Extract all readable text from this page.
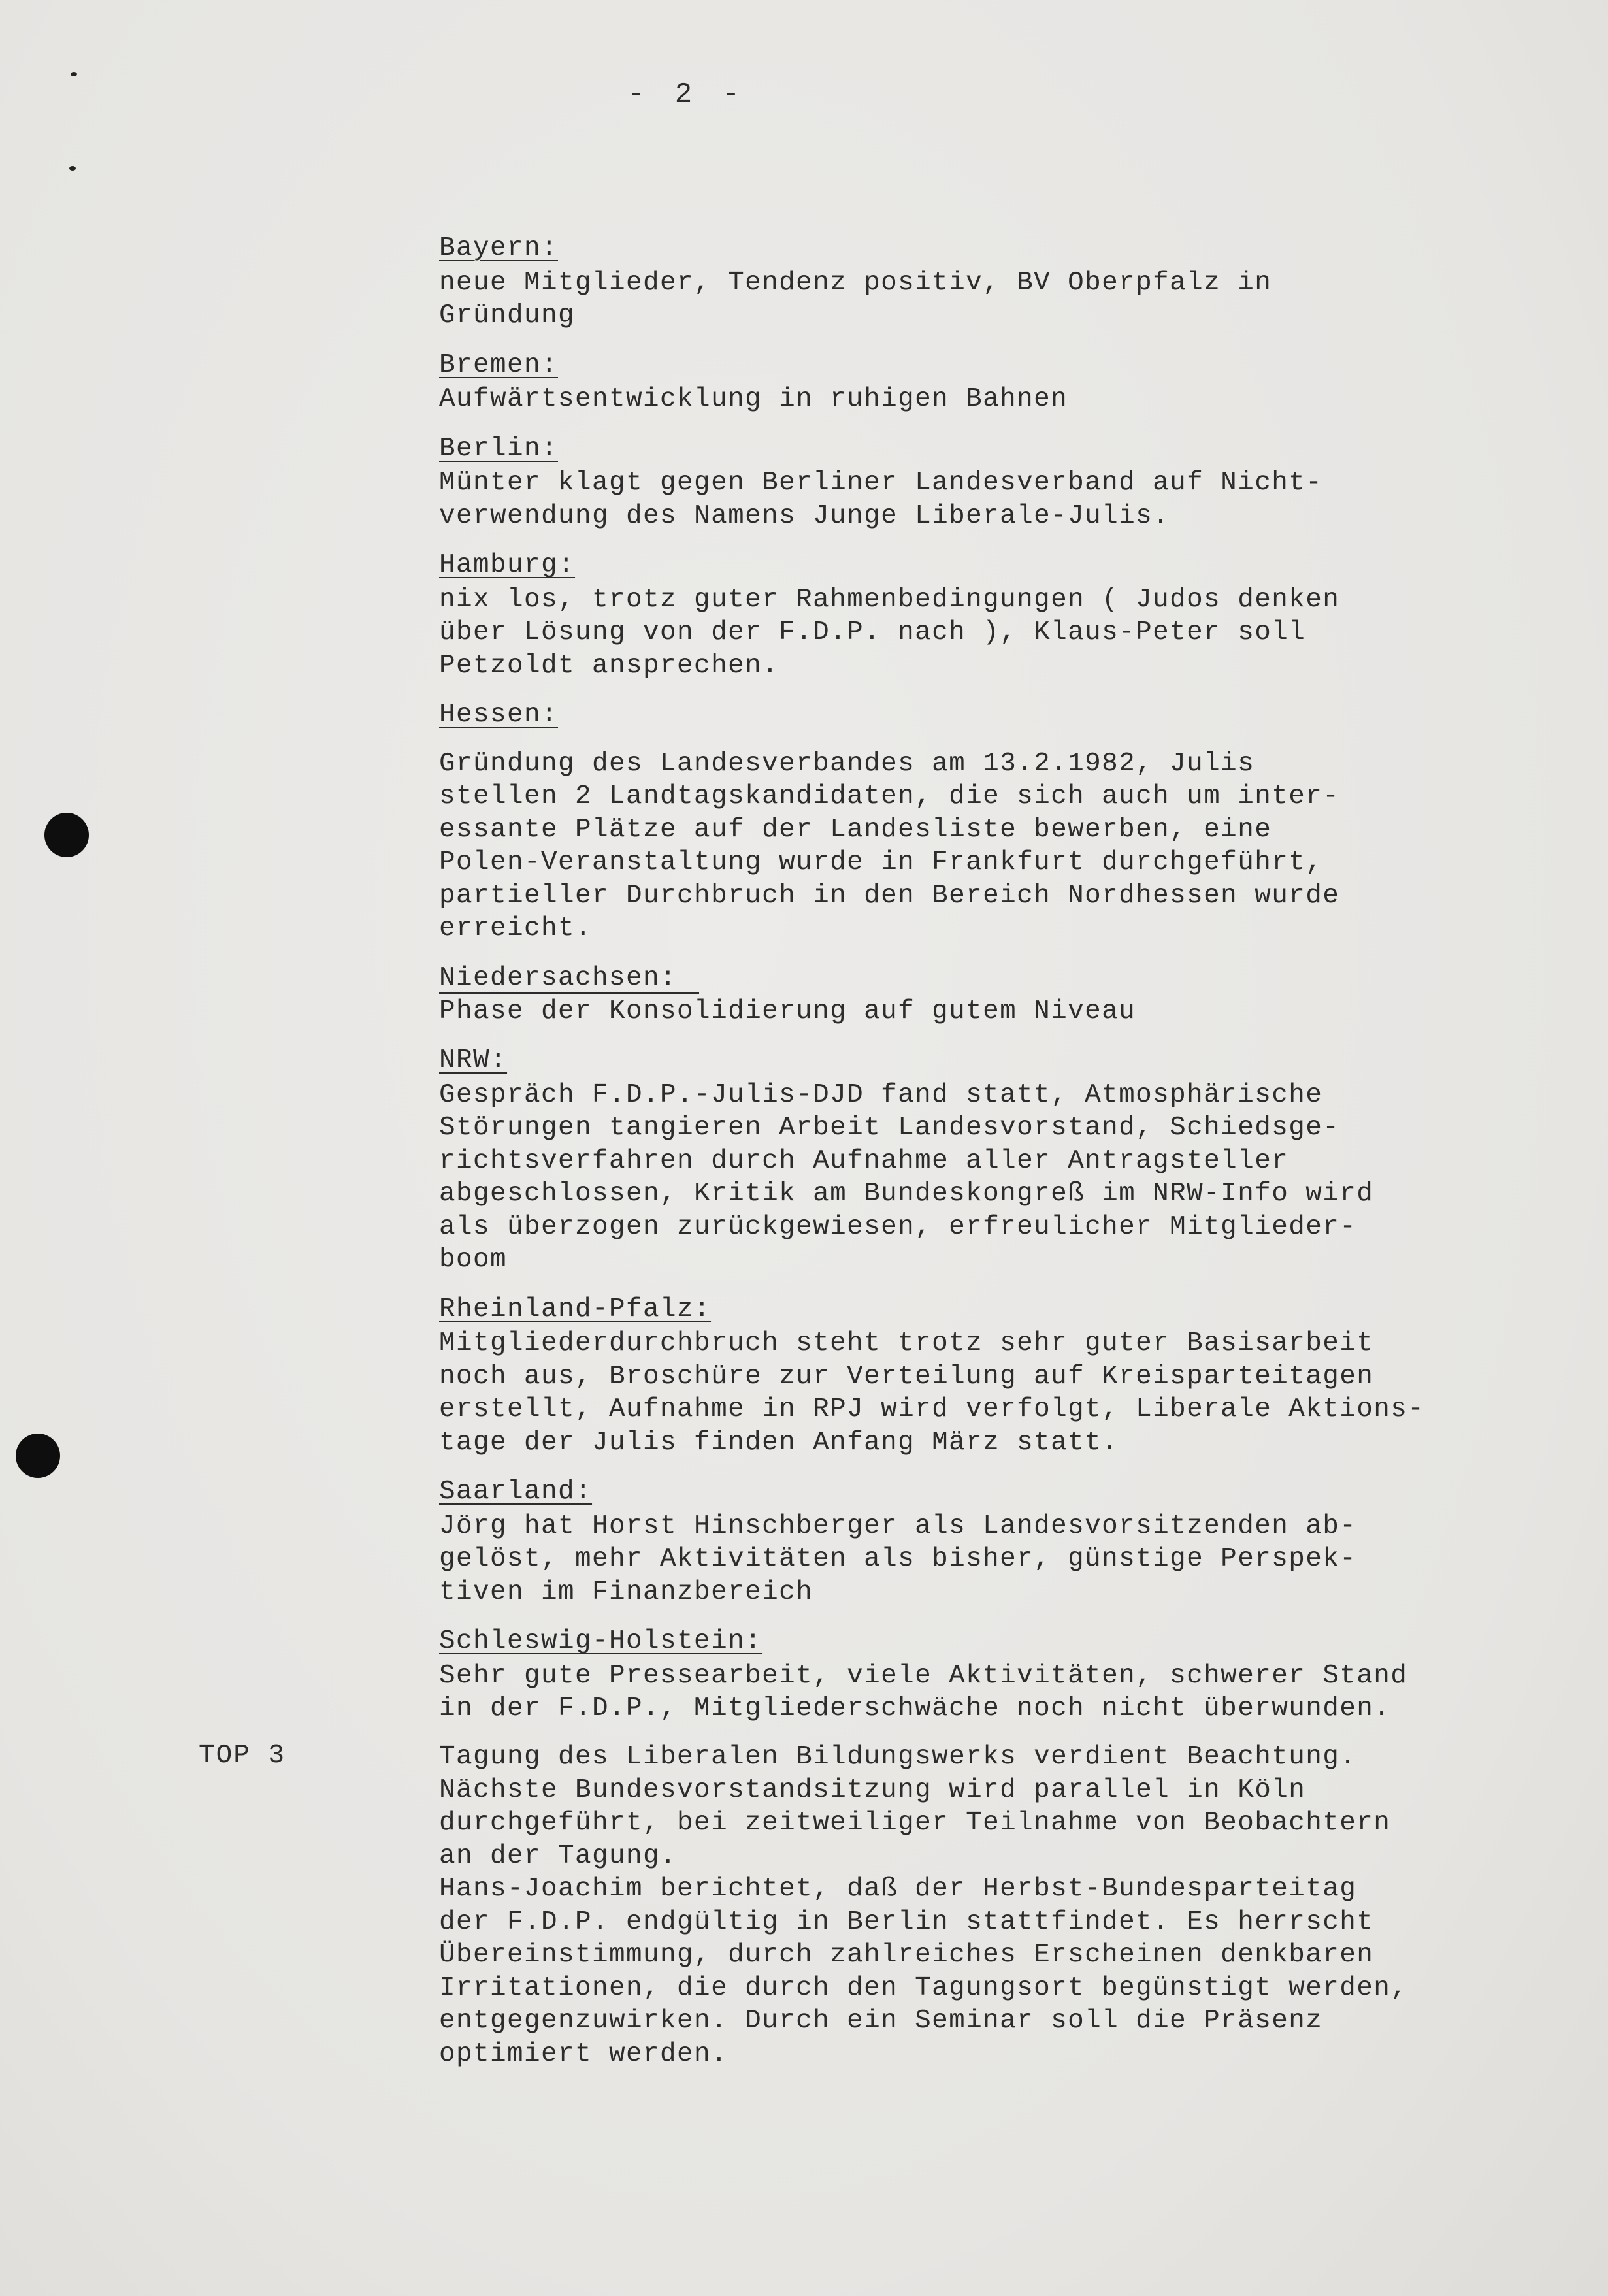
- 2 -
Bayern:
neue Mitglieder, Tendenz positiv, BV Oberpfalz in
Gründung
Bremen:
Aufwärtsentwicklung in ruhigen Bahnen
Berlin:
Münter klagt gegen Berliner Landesverband auf Nicht-
verwendung des Namens Junge Liberale-Julis.
Hamburg:
nix los, trotz guter Rahmenbedingungen ( Judos denken
über Lösung von der F.D.P. nach ), Klaus-Peter soll
Petzoldt ansprechen.
Hessen:
Gründung des Landesverbandes am 13.2.1982, Julis
stellen 2 Landtagskandidaten, die sich auch um inter-
essante Plätze auf der Landesliste bewerben, eine
Polen-Veranstaltung wurde in Frankfurt durchgeführt,
partieller Durchbruch in den Bereich Nordhessen wurde
erreicht.
Niedersachsen:
Phase der Konsolidierung auf gutem Niveau
NRW:
Gespräch F.D.P.-Julis-DJD fand statt, Atmosphärische
Störungen tangieren Arbeit Landesvorstand, Schiedsge-
richtsverfahren durch Aufnahme aller Antragsteller
abgeschlossen, Kritik am Bundeskongreß im NRW-Info wird
als überzogen zurückgewiesen, erfreulicher Mitglieder-
boom
Rheinland-Pfalz:
Mitgliederdurchbruch steht trotz sehr guter Basisarbeit
noch aus, Broschüre zur Verteilung auf Kreisparteitagen
erstellt, Aufnahme in RPJ wird verfolgt, Liberale Aktions-
tage der Julis finden Anfang März statt.
Saarland:
Jörg hat Horst Hinschberger als Landesvorsitzenden ab-
gelöst, mehr Aktivitäten als bisher, günstige Perspek-
tiven im Finanzbereich
Schleswig-Holstein:
Sehr gute Pressearbeit, viele Aktivitäten, schwerer Stand
in der F.D.P., Mitgliederschwäche noch nicht überwunden.
TOP 3	Tagung des Liberalen Bildungswerks verdient Beachtung.
Nächste Bundesvorstandsitzung wird parallel in Köln
durchgeführt, bei zeitweiliger Teilnahme von Beobachtern
an der Tagung.
Hans-Joachim berichtet, daß der Herbst-Bundesparteitag
der F.D.P. endgültig in Berlin stattfindet. Es herrscht
Übereinstimmung, durch zahlreiches Erscheinen denkbaren
Irritationen, die durch den Tagungsort begünstigt werden,
entgegenzuwirken. Durch ein Seminar soll die Präsenz
optimiert werden.
